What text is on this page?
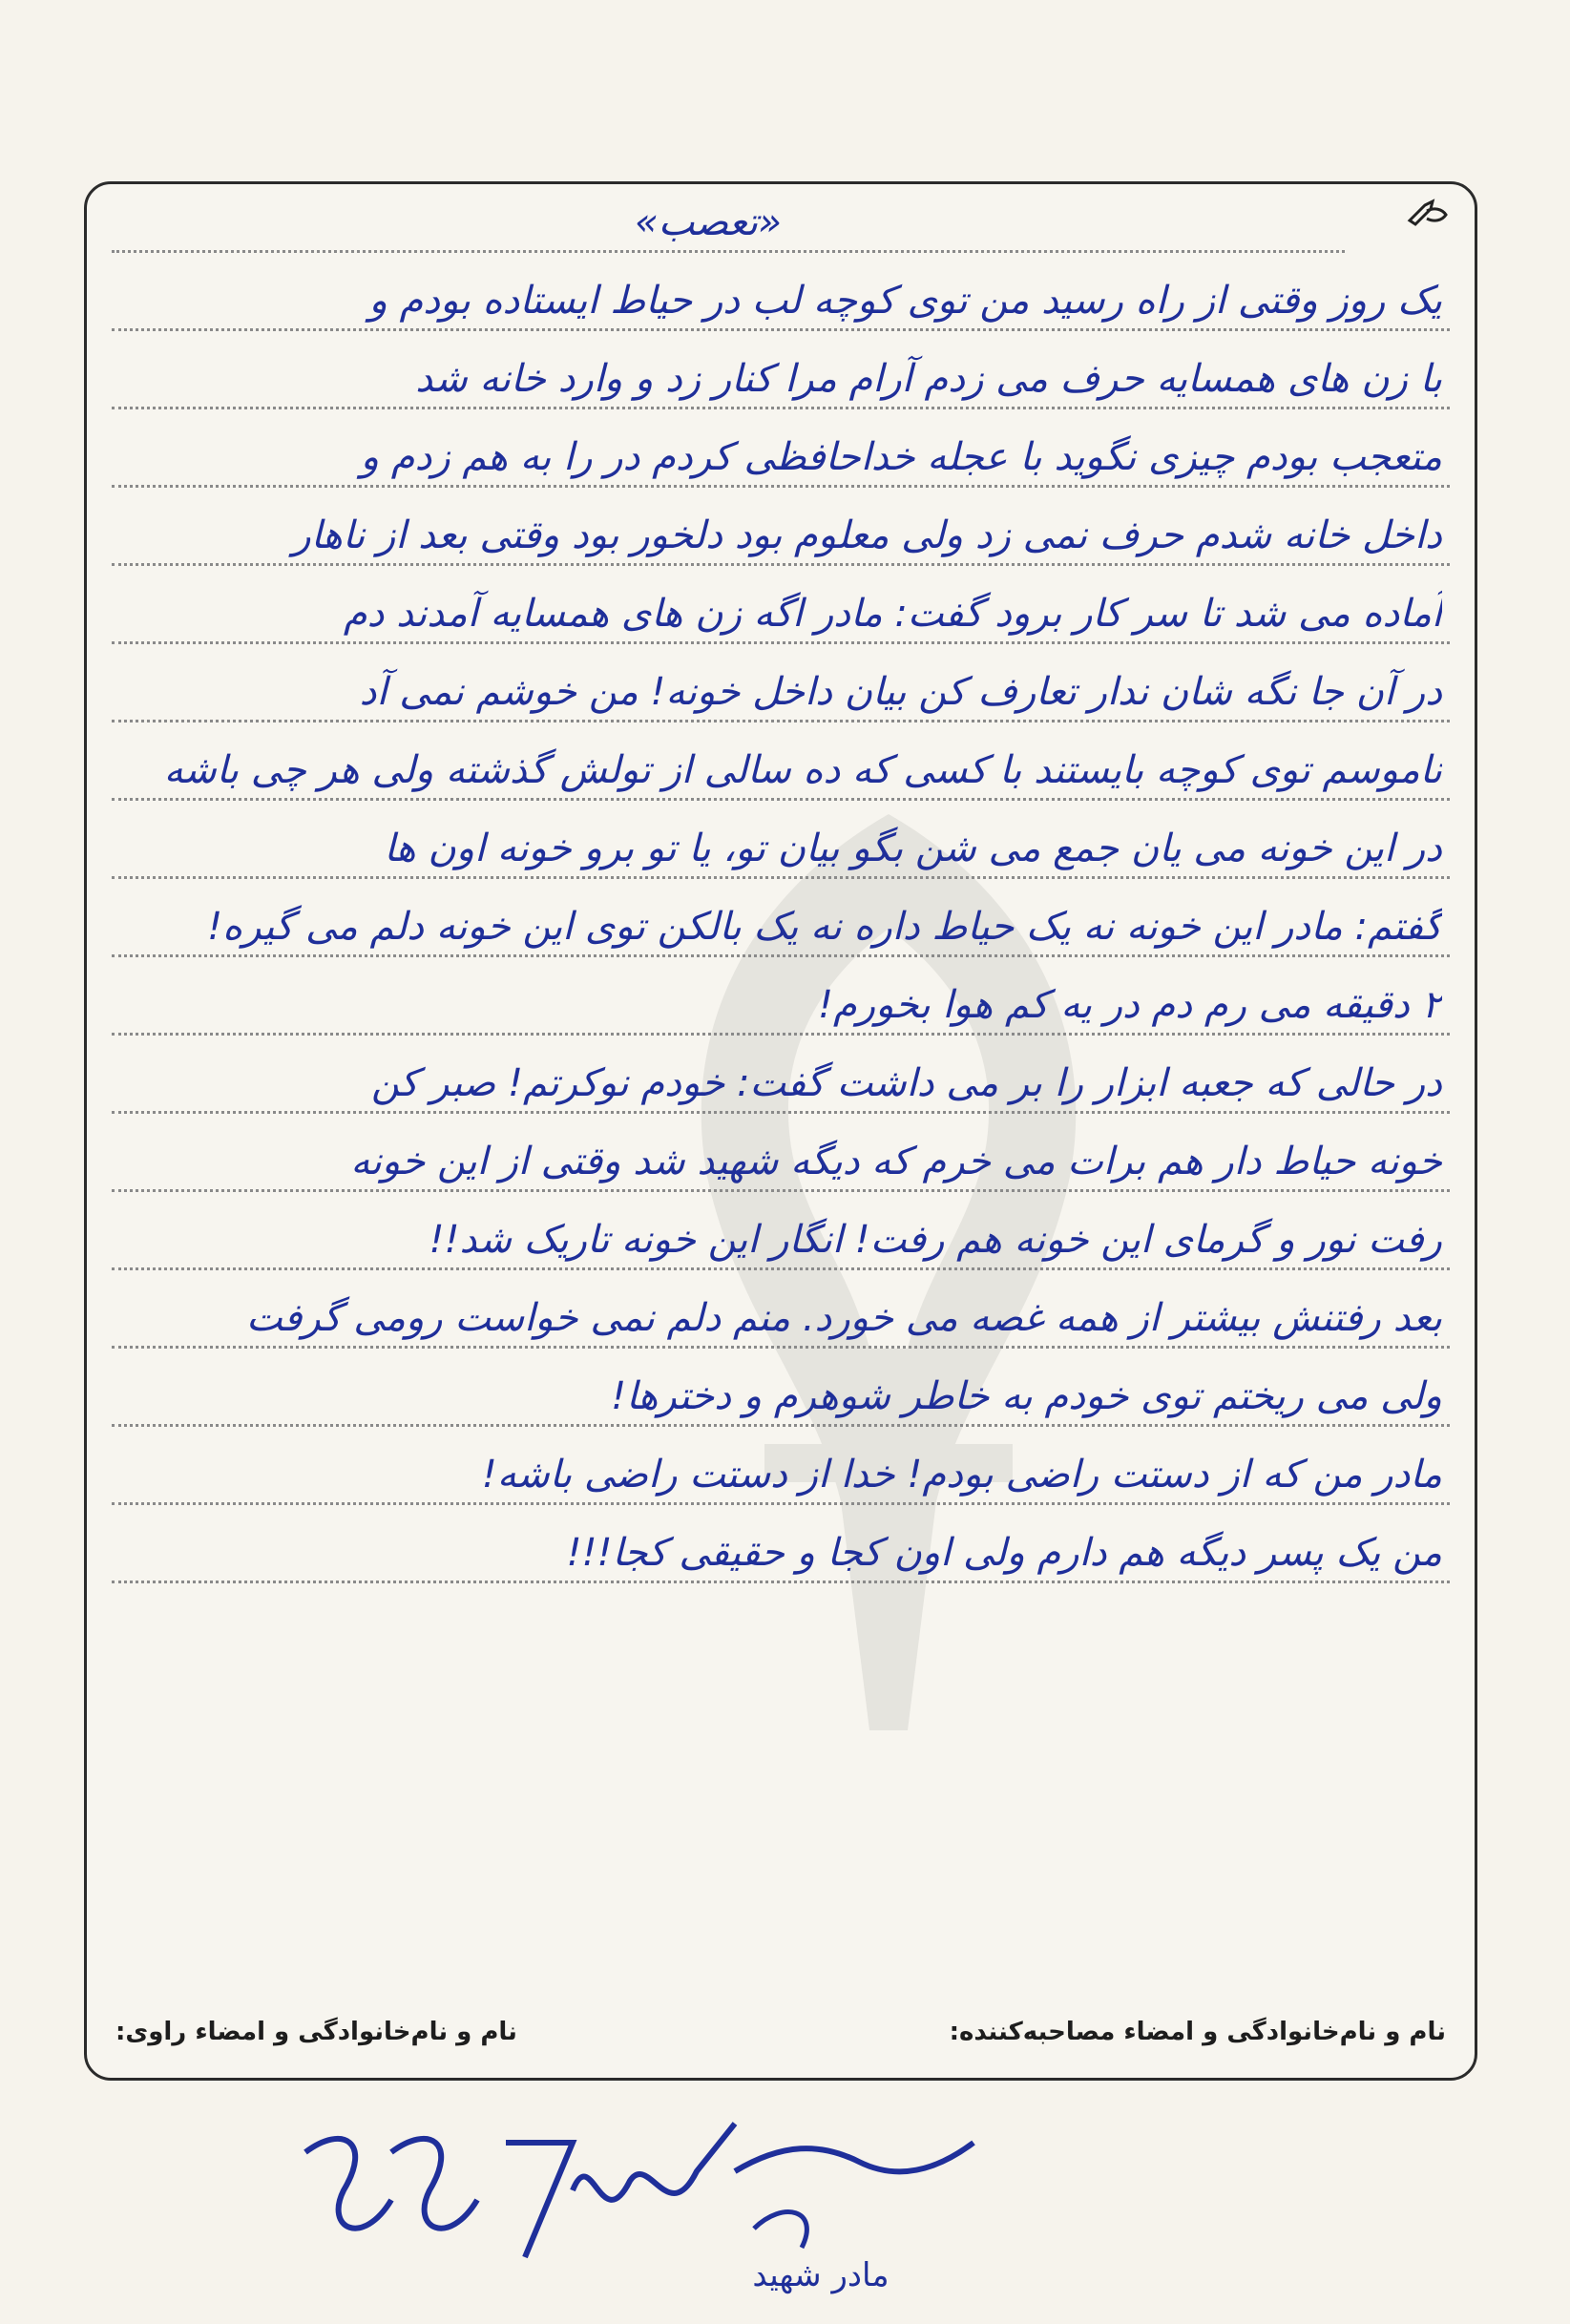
«تعصب»
یک روز وقتی از راه رسید من توی کوچه لب در حیاط ایستاده بودم و
با زن های همسایه حرف می زدم آرام مرا کنار زد و وارد خانه شد
متعجب بودم چیزی نگوید با عجله خداحافظی کردم در را به هم زدم و
داخل خانه شدم حرف نمی زد ولی معلوم بود دلخور بود وقتی بعد از ناهار
آماده می شد تا سر کار برود گفت: مادر اگه زن های همسایه آمدند دم
در آن جا نگه شان ندار تعارف کن بیان داخل خونه! من خوشم نمی آد
ناموسم توی کوچه بایستند با کسی که ده سالی از تولش گذشته ولی هر چی باشه
در این خونه می یان جمع می شن بگو بیان تو، یا تو برو خونه اون ها
گفتم: مادر این خونه نه یک حیاط داره نه یک بالکن توی این خونه دلم می گیره!
۲ دقیقه می رم دم در یه کم هوا بخورم!
در حالی که جعبه ابزار را بر می داشت گفت: خودم نوکرتم! صبر کن
خونه حیاط دار هم برات می خرم که دیگه شهید شد وقتی از این خونه
رفت نور و گرمای این خونه هم رفت! انگار این خونه تاریک شد!!
بعد رفتنش بیشتر از همه غصه می خورد. منم دلم نمی خواست رومی گرفت
ولی می ریختم توی خودم به خاطر شوهرم و دخترها!
مادر من که از دستت راضی بودم! خدا از دستت راضی باشه!
من یک پسر دیگه هم دارم ولی اون کجا و حقیقی کجا!!!
نام و نام‌خانوادگی و امضاء مصاحبه‌کننده:
نام و نام‌خانوادگی و امضاء راوی:
مادر شهید
